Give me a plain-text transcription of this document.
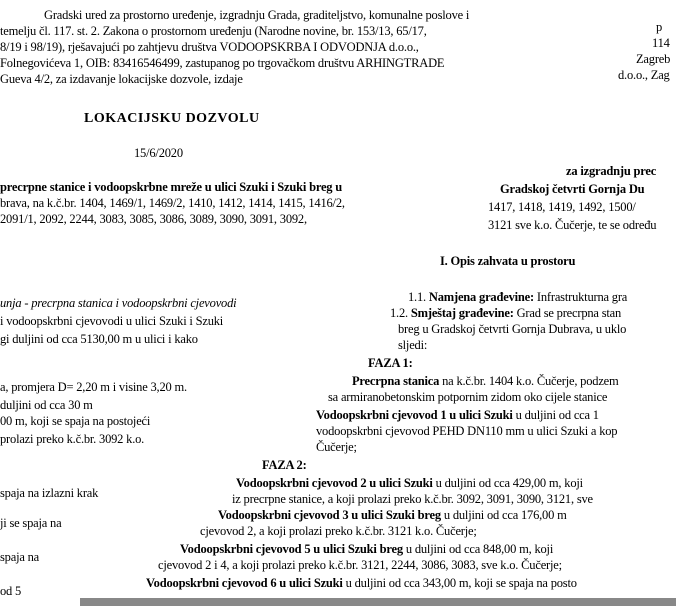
Gradski ured za prostorno uređenje, izgradnju Grada, graditeljstvo, komunalne poslove i
temelju čl. 117. st. 2. Zakona o prostornom uređenju (Narodne novine, br. 153/13, 65/17,
8/19 i 98/19), rješavajući po zahtjevu društva VODOOPSKRBA I ODVODNJA d.o.o.,
Folnegovićeva 1, OIB: 83416546499, zastupanog po trgovačkom društvu ARHINGTRADE
Gueva 4/2, za izdavanje lokacijske dozvole, izdaje
p
114
Zagreb
d.o.o., Zag
LOKACIJSKU DOZVOLU
15/6/2020
precrpne stanice i vodoopskrbne mreže u ulici Szuki i Szuki breg u
brava, na k.č.br. 1404, 1469/1, 1469/2, 1410, 1412, 1414, 1415, 1416/2,
2091/1, 2092, 2244, 3083, 3085, 3086, 3089, 3090, 3091, 3092,
za izgradnju prec
Gradskoj četvrti Gornja Du
1417, 1418, 1419, 1492, 1500/
3121 sve k.o. Čučerje, te se određu
I. Opis zahvata u prostoru
unja - precrpna stanica i vodoopskrbni cjevovodi
i vodoopskrbni cjevovodi u ulici Szuki i Szuki
gi duljini od cca 5130,00 m u ulici i kako
a, promjera D= 2,20 m i visine 3,20 m.
duljini od cca 30 m
00 m, koji se spaja na postojeći
prolazi preko k.č.br. 3092 k.o.
spaja na izlazni krak
ji se spaja na
spaja na
od 5
1.1. Namjena građevine: Infrastrukturna gra
1.2. Smještaj građevine: Grad se precrpna stan
breg u Gradskoj četvrti Gornja Dubrava, u uklo
sljedi:
FAZA 1:
Precrpna stanica na k.č.br. 1404 k.o. Čučerje, podzem
sa armiranobetonskim potpornim zidom oko cijele stanice
Vodoopskrbni cjevovod 1 u ulici Szuki u duljini od cca 1
vodoopskrbni cjevovod PEHD DN110 mm u ulici Szuki a kop
Čučerje;
FAZA 2:
Vodoopskrbni cjevovod 2 u ulici Szuki u duljini od cca 429,00 m, koji
iz precrpne stanice, a koji prolazi preko k.č.br. 3092, 3091, 3090, 3121, sve
Vodoopskrbni cjevovod 3 u ulici Szuki breg u duljini od cca 176,00 m
cjevovod 2, a koji prolazi preko k.č.br. 3121 k.o. Čučerje;
Vodoopskrbni cjevovod 5 u ulici Szuki breg u duljini od cca 848,00 m, koji
cjevovod 2 i 4, a koji prolazi preko k.č.br. 3121, 2244, 3086, 3083, sve k.o. Čučerje;
Vodoopskrbni cjevovod 6 u ulici Szuki u duljini od cca 343,00 m, koji se spaja na posto
